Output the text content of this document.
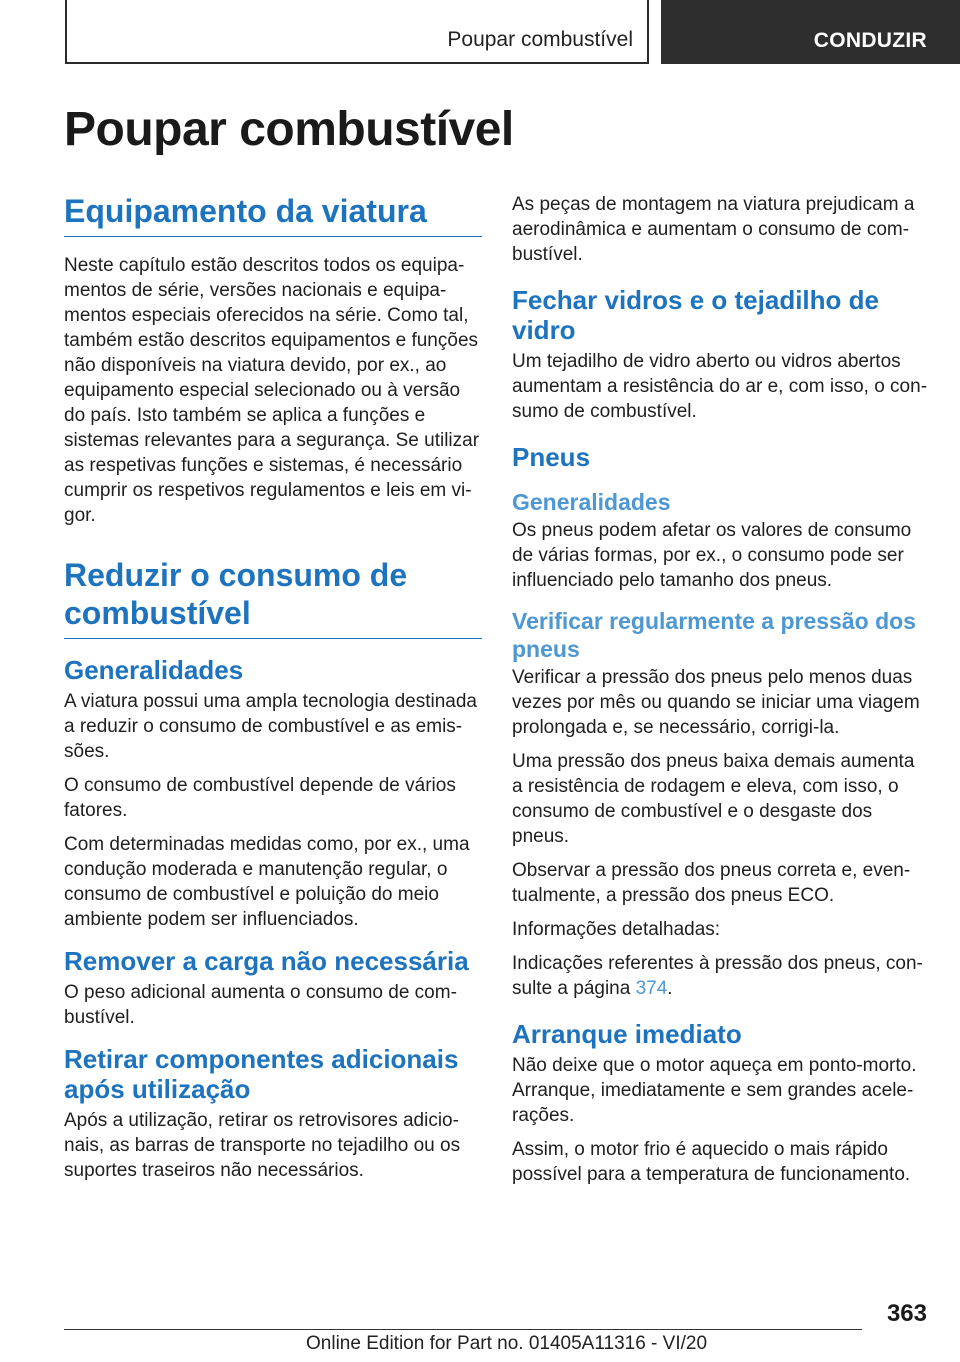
Poupar combustível	CONDUZIR
Poupar combustível
Equipamento da viatura

Neste capítulo estão descritos todos os equipamentos de série, versões nacionais e equipamentos especiais oferecidos na série. Como tal, também estão descritos equipamentos e funções não disponíveis na viatura devido, por ex., ao equipamento especial selecionado ou à versão do país. Isto também se aplica a funções e sistemas relevantes para a segurança. Se utilizar as respetivas funções e sistemas, é necessário cumprir os respetivos regulamentos e leis em vigor.

Reduzir o consumo de combustível
Generalidades

A viatura possui uma ampla tecnologia destinada a reduzir o consumo de combustível e as emissões.

O consumo de combustível depende de vários fatores.

Com determinadas medidas como, por ex., uma condução moderada e manutenção regular, o consumo de combustível e poluição do meio ambiente podem ser influenciados.

Remover a carga não necessária

O peso adicional aumenta o consumo de combustível.

Retirar componentes adicionais após utilização

Após a utilização, retirar os retrovisores adicionais, as barras de transporte no tejadilho ou os suportes traseiros não necessários.

As peças de montagem na viatura prejudicam a aerodinâmica e aumentam o consumo de combustível.

Fechar vidros e o tejadilho de vidro

Um tejadilho de vidro aberto ou vidros abertos aumentam a resistência do ar e, com isso, o consumo de combustível.

Pneus
Generalidades

Os pneus podem afetar os valores de consumo de várias formas, por ex., o consumo pode ser influenciado pelo tamanho dos pneus.

Verificar regularmente a pressão dos pneus

Verificar a pressão dos pneus pelo menos duas vezes por mês ou quando se iniciar uma viagem prolongada e, se necessário, corrigi-la.

Uma pressão dos pneus baixa demais aumenta a resistência de rodagem e eleva, com isso, o consumo de combustível e o desgaste dos pneus.

Observar a pressão dos pneus correta e, eventualmente, a pressão dos pneus ECO.

Informações detalhadas:

Indicações referentes à pressão dos pneus, consulte a página 374.

Arranque imediato

Não deixe que o motor aqueça em ponto-morto. Arranque, imediatamente e sem grandes acelerações.

Assim, o motor frio é aquecido o mais rápido possível para a temperatura de funcionamento.

363
Online Edition for Part no. 01405A11316 - VI/20
